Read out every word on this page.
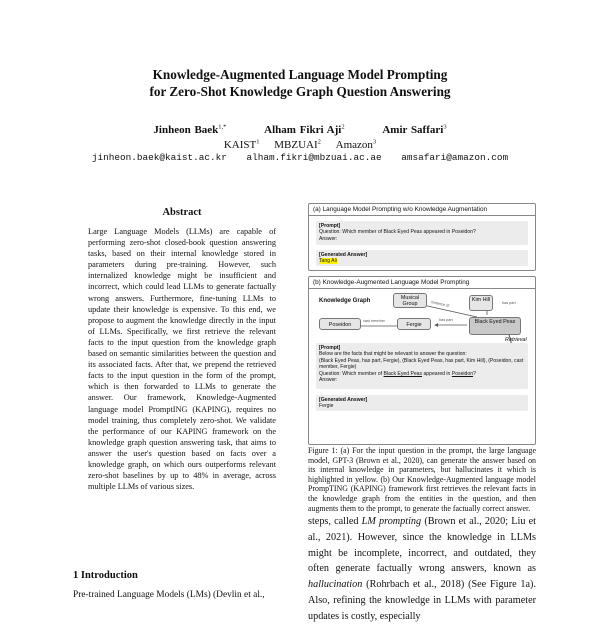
Knowledge-Augmented Language Model Prompting
for Zero-Shot Knowledge Graph Question Answering
Jinheon Baek$^{1,*}$	Alham Fikri Aji$^2$	Amir Saffari$^3$
KAIST$^1$ MBZUAI$^2$ Amazon$^3$
jinheon.baek@kaist.ac.kr alham.fikri@mbzuai.ac.ae amsafari@amazon.com
Abstract
Large Language Models (LLMs) are capable of performing zero-shot closed-book question answering tasks, based on their internal knowledge stored in parameters during pre-training. However, such internalized knowledge might be insufficient and incorrect, which could lead LLMs to generate factually wrong answers. Furthermore, fine-tuning LLMs to update their knowledge is expensive. To this end, we propose to augment the knowledge directly in the input of LLMs. Specifically, we first retrieve the relevant facts to the input question from the knowledge graph based on semantic similarities between the question and its associated facts. After that, we prepend the retrieved facts to the input question in the form of the prompt, which is then forwarded to LLMs to generate the answer. Our framework, Knowledge-Augmented language model PromptING (KAPING), requires no model training, thus completely zero-shot. We validate the performance of our KAPING framework on the knowledge graph question answering task, that aims to answer the user's question based on facts over a knowledge graph, on which ours outperforms relevant zero-shot baselines by up to 48% in average, across multiple LLMs of various sizes.
1 Introduction
Pre-trained Language Models (LMs) (Devlin et al.,
(a) Language Model Prompting w/o Knowledge Augmentation
[Prompt]
Question: Which member of Black Eyed Peas appeared in Poseidon?
Answer:
[Generated Answer]
Tang Ali
(b) Knowledge-Augmented Language Model Prompting
Knowledge Graph	Musical Group
Kim Hill
Poseidon	Fergie	Black Eyed Peas
cast member	has part
instance of	has part
Retrieval
[Prompt]
Below are the facts that might be relevant to answer the question:
(Black Eyed Peas, has part, Fergie), (Black Eyed Peas, has part, Kim Hill), (Poseidon, cast member, Fergie)
Question: Which member of Black Eyed Peas appeared in Poseidon?
Answer:
[Generated Answer]
Fergie
Figure 1: (a) For the input question in the prompt, the large language model, GPT-3 (Brown et al., 2020), can generate the answer based on its internal knowledge in parameters, but hallucinates it which is highlighted in yellow. (b) Our Knowledge-Augmented language model PrompTING (KAPING) framework first retrieves the relevant facts in the knowledge graph from the entities in the question, and then augments them to the prompt, to generate the factually correct answer.
steps, called LM prompting (Brown et al., 2020; Liu et al., 2021). However, since the knowledge in LLMs might be incomplete, incorrect, and outdated, they often generate factually wrong answers, known as hallucination (Rohrbach et al., 2018) (See Figure 1a). Also, refining the knowledge in LLMs with parameter updates is costly, especially
